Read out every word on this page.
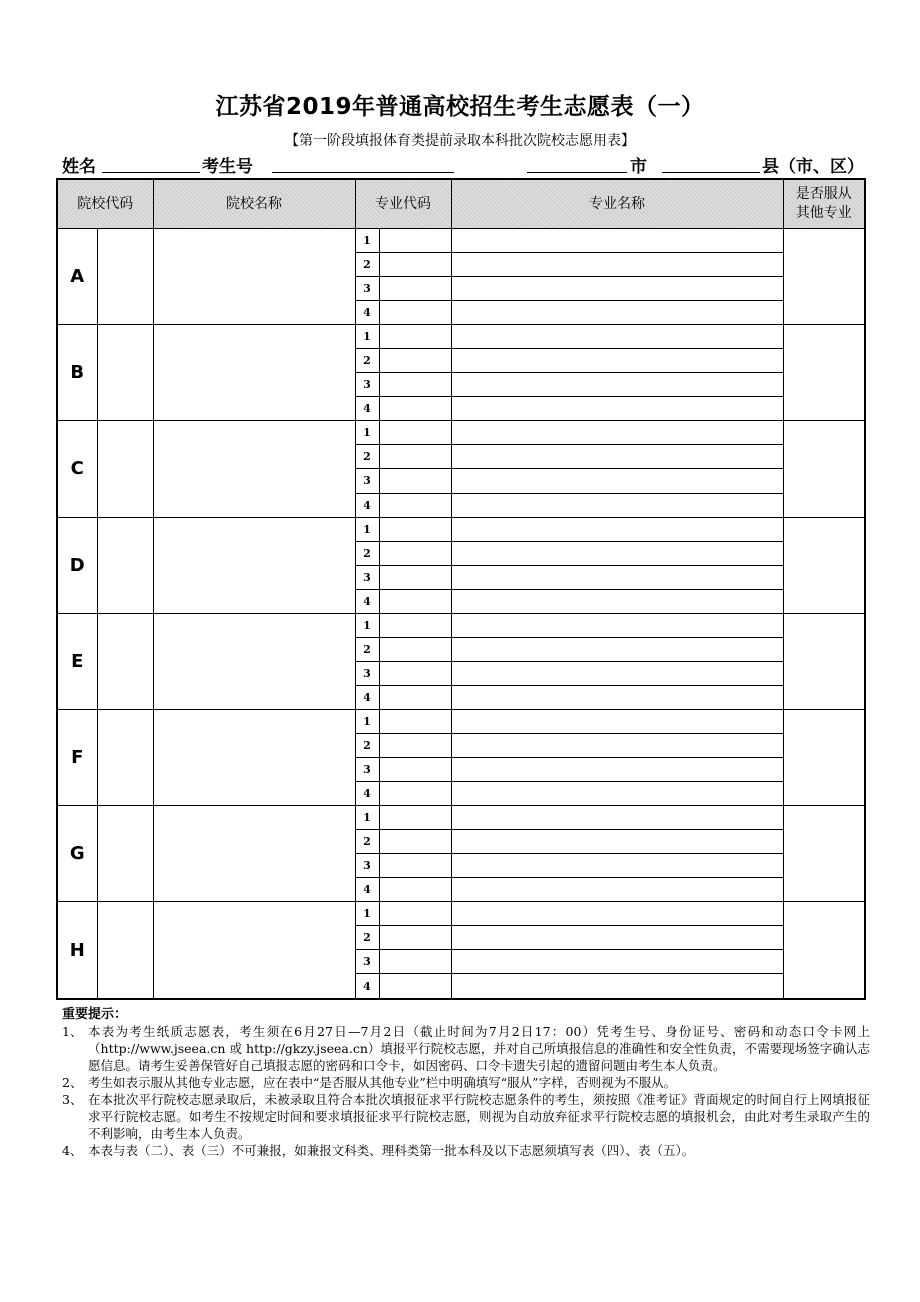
江苏省2019年普通高校招生考生志愿表（一）
【第一阶段填报体育类提前录取本科批次院校志愿用表】
姓名	考生号	市	县（市、区）
院校代码		院校名称	专业代码		专业名称	是否服从
其他专业

A			1			
			2			
			3			
			4			
B			1			
			2			
			3			
			4			
C			1			
			2			
			3			
			4			
D			1			
			2			
			3			
			4			
E			1			
			2			
			3			
			4			
F			1			
			2			
			3			
			4			
G			1			
			2			
			3			
			4			
H			1			
			2			
			3			
			4			
重要提示：
1、 本表为考生纸质志愿表，考生须在6月27日—7月2日（截止时间为7月2日17：00）凭考生号、身份证号、密码和动态口令卡网上（http://www.jseea.cn 或 http://gkzy.jseea.cn）填报平行院校志愿，并对自己所填报信息的准确性和安全性负责，不需要现场签字确认志愿信息。请考生妥善保管好自己填报志愿的密码和口令卡，如因密码、口令卡遗失引起的遗留问题由考生本人负责。
2、 考生如表示服从其他专业志愿，应在表中“是否服从其他专业”栏中明确填写“服从”字样，否则视为不服从。
3、 在本批次平行院校志愿录取后，未被录取且符合本批次填报征求平行院校志愿条件的考生，须按照《准考证》背面规定的时间自行上网填报征求平行院校志愿。如考生不按规定时间和要求填报征求平行院校志愿，则视为自动放弃征求平行院校志愿的填报机会，由此对考生录取产生的不利影响，由考生本人负责。
4、 本表与表（二）、表（三）不可兼报，如兼报文科类、理科类第一批本科及以下志愿须填写表（四）、表（五）。
